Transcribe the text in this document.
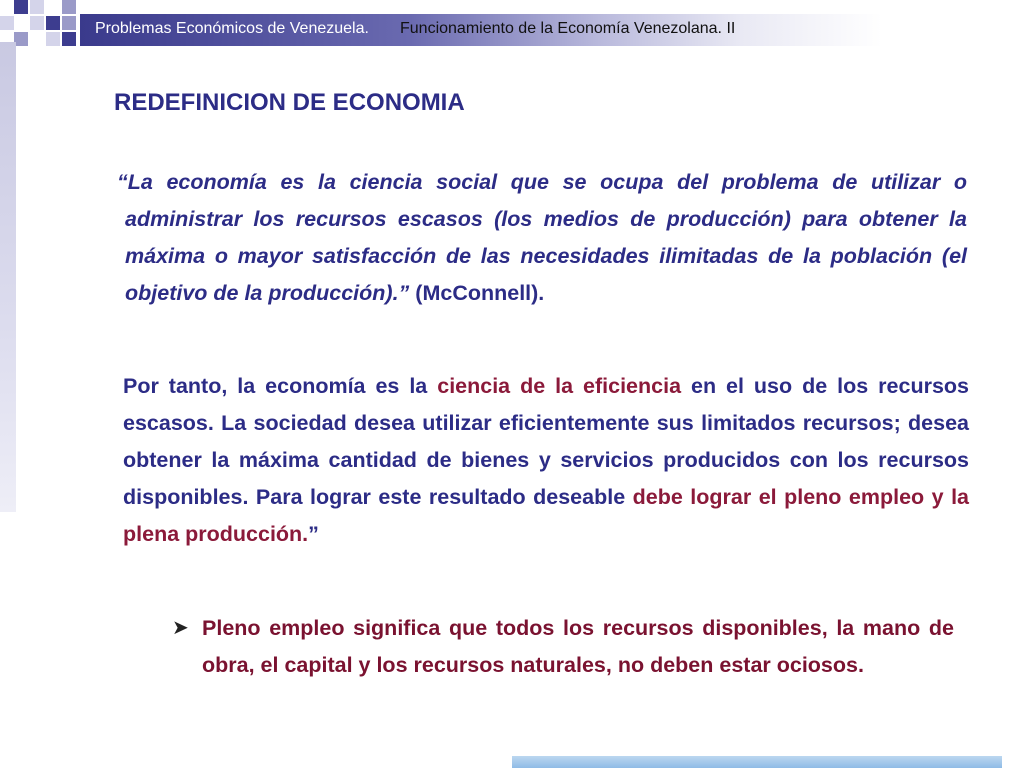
Problemas Económicos de Venezuela. Funcionamiento de la Economía Venezolana. II
REDEFINICION DE ECONOMIA
“La economía es la ciencia social que se ocupa del problema de utilizar o administrar los recursos escasos (los medios de producción) para obtener la máxima o mayor satisfacción de las necesidades ilimitadas de la población (el objetivo de la producción).” (McConnell).
Por tanto, la economía es la ciencia de la eficiencia en el uso de los recursos escasos. La sociedad desea utilizar eficientemente sus limitados recursos; desea obtener la máxima cantidad de bienes y servicios producidos con los recursos disponibles. Para lograr este resultado deseable debe lograr el pleno empleo y la plena producción.”
➤ Pleno empleo significa que todos los recursos disponibles, la mano de obra, el capital y los recursos naturales, no deben estar ociosos.
